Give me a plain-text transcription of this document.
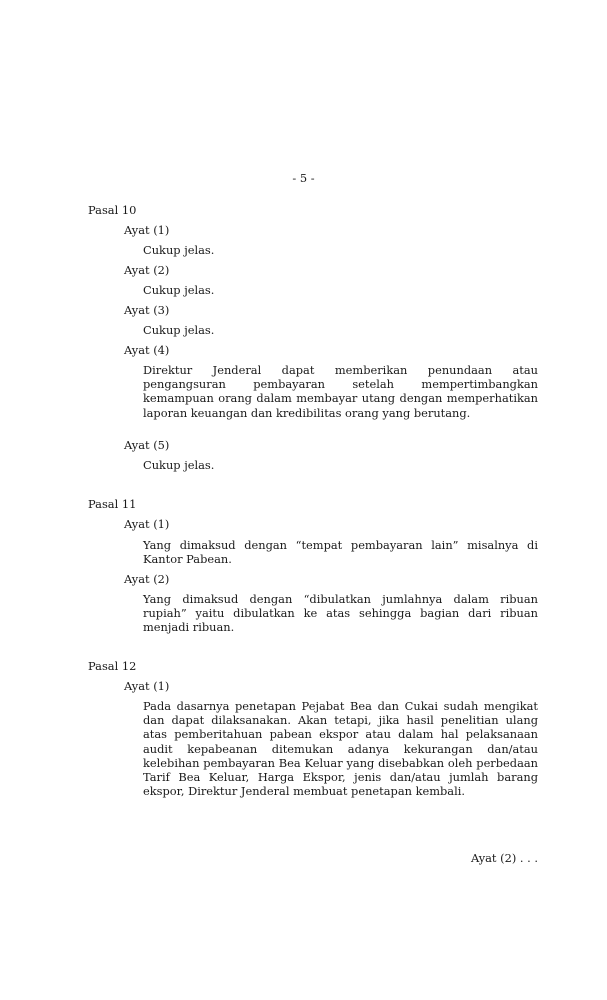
- 5 -
Pasal 10
Ayat (1)
Cukup jelas.
Ayat (2)
Cukup jelas.
Ayat (3)
Cukup jelas.
Ayat (4)
Direktur Jenderal dapat memberikan penundaan atau pengangsuran pembayaran setelah mempertimbangkan kemampuan orang dalam membayar utang dengan memperhatikan laporan keuangan dan kredibilitas orang yang berutang.
Ayat (5)
Cukup jelas.
Pasal 11
Ayat (1)
Yang dimaksud dengan “tempat pembayaran lain” misalnya di Kantor Pabean.
Ayat (2)
Yang dimaksud dengan “dibulatkan jumlahnya dalam ribuan rupiah” yaitu dibulatkan ke atas sehingga bagian dari ribuan menjadi ribuan.
Pasal 12
Ayat (1)
Pada dasarnya penetapan Pejabat Bea dan Cukai sudah mengikat dan dapat dilaksanakan. Akan tetapi, jika hasil penelitian ulang atas pemberitahuan pabean ekspor atau dalam hal pelaksanaan audit kepabeanan ditemukan adanya kekurangan dan/atau kelebihan pembayaran Bea Keluar yang disebabkan oleh perbedaan Tarif Bea Keluar, Harga Ekspor, jenis dan/atau jumlah barang ekspor, Direktur Jenderal membuat penetapan kembali.
Ayat (2) . . .
